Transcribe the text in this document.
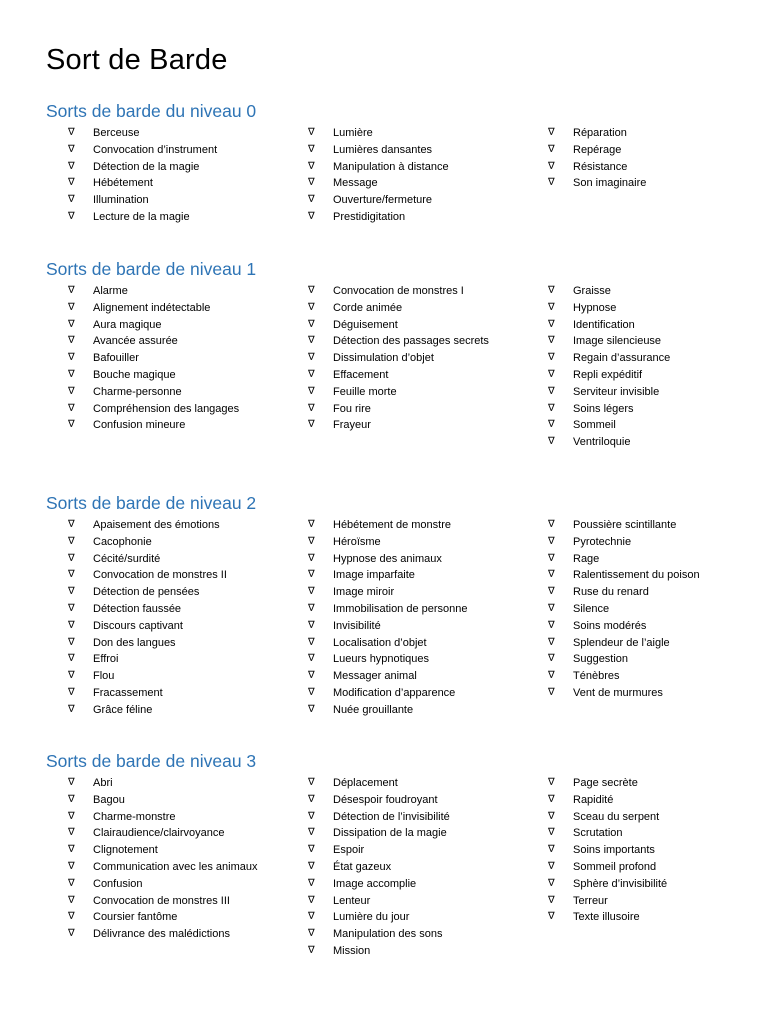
Sort de Barde
Sorts de barde du niveau 0
∇ Berceuse
∇ Convocation d’instrument
∇ Détection de la magie
∇ Hébétement
∇ Illumination
∇ Lecture de la magie
∇ Lumière
∇ Lumières dansantes
∇ Manipulation à distance
∇ Message
∇ Ouverture/fermeture
∇ Prestidigitation
∇ Réparation
∇ Repérage
∇ Résistance
∇ Son imaginaire
Sorts de barde de niveau 1
∇ Alarme
∇ Alignement indétectable
∇ Aura magique
∇ Avancée assurée
∇ Bafouiller
∇ Bouche magique
∇ Charme-personne
∇ Compréhension des langages
∇ Confusion mineure
∇ Convocation de monstres I
∇ Corde animée
∇ Déguisement
∇ Détection des passages secrets
∇ Dissimulation d’objet
∇ Effacement
∇ Feuille morte
∇ Fou rire
∇ Frayeur
∇ Graisse
∇ Hypnose
∇ Identification
∇ Image silencieuse
∇ Regain d’assurance
∇ Repli expéditif
∇ Serviteur invisible
∇ Soins légers
∇ Sommeil
∇ Ventriloquie
Sorts de barde de niveau 2
∇ Apaisement des émotions
∇ Cacophonie
∇ Cécité/surdité
∇ Convocation de monstres II
∇ Détection de pensées
∇ Détection faussée
∇ Discours captivant
∇ Don des langues
∇ Effroi
∇ Flou
∇ Fracassement
∇ Grâce féline
∇ Hébétement de monstre
∇ Héroïsme
∇ Hypnose des animaux
∇ Image imparfaite
∇ Image miroir
∇ Immobilisation de personne
∇ Invisibilité
∇ Localisation d’objet
∇ Lueurs hypnotiques
∇ Messager animal
∇ Modification d’apparence
∇ Nuée grouillante
∇ Poussière scintillante
∇ Pyrotechnie
∇ Rage
∇ Ralentissement du poison
∇ Ruse du renard
∇ Silence
∇ Soins modérés
∇ Splendeur de l’aigle
∇ Suggestion
∇ Ténèbres
∇ Vent de murmures
Sorts de barde de niveau 3
∇ Abri
∇ Bagou
∇ Charme-monstre
∇ Clairaudience/clairvoyance
∇ Clignotement
∇ Communication avec les animaux
∇ Confusion
∇ Convocation de monstres III
∇ Coursier fantôme
∇ Délivrance des malédictions
∇ Déplacement
∇ Désespoir foudroyant
∇ Détection de l’invisibilité
∇ Dissipation de la magie
∇ Espoir
∇ État gazeux
∇ Image accomplie
∇ Lenteur
∇ Lumière du jour
∇ Manipulation des sons
∇ Mission
∇ Page secrète
∇ Rapidité
∇ Sceau du serpent
∇ Scrutation
∇ Soins importants
∇ Sommeil profond
∇ Sphère d’invisibilité
∇ Terreur
∇ Texte illusoire
